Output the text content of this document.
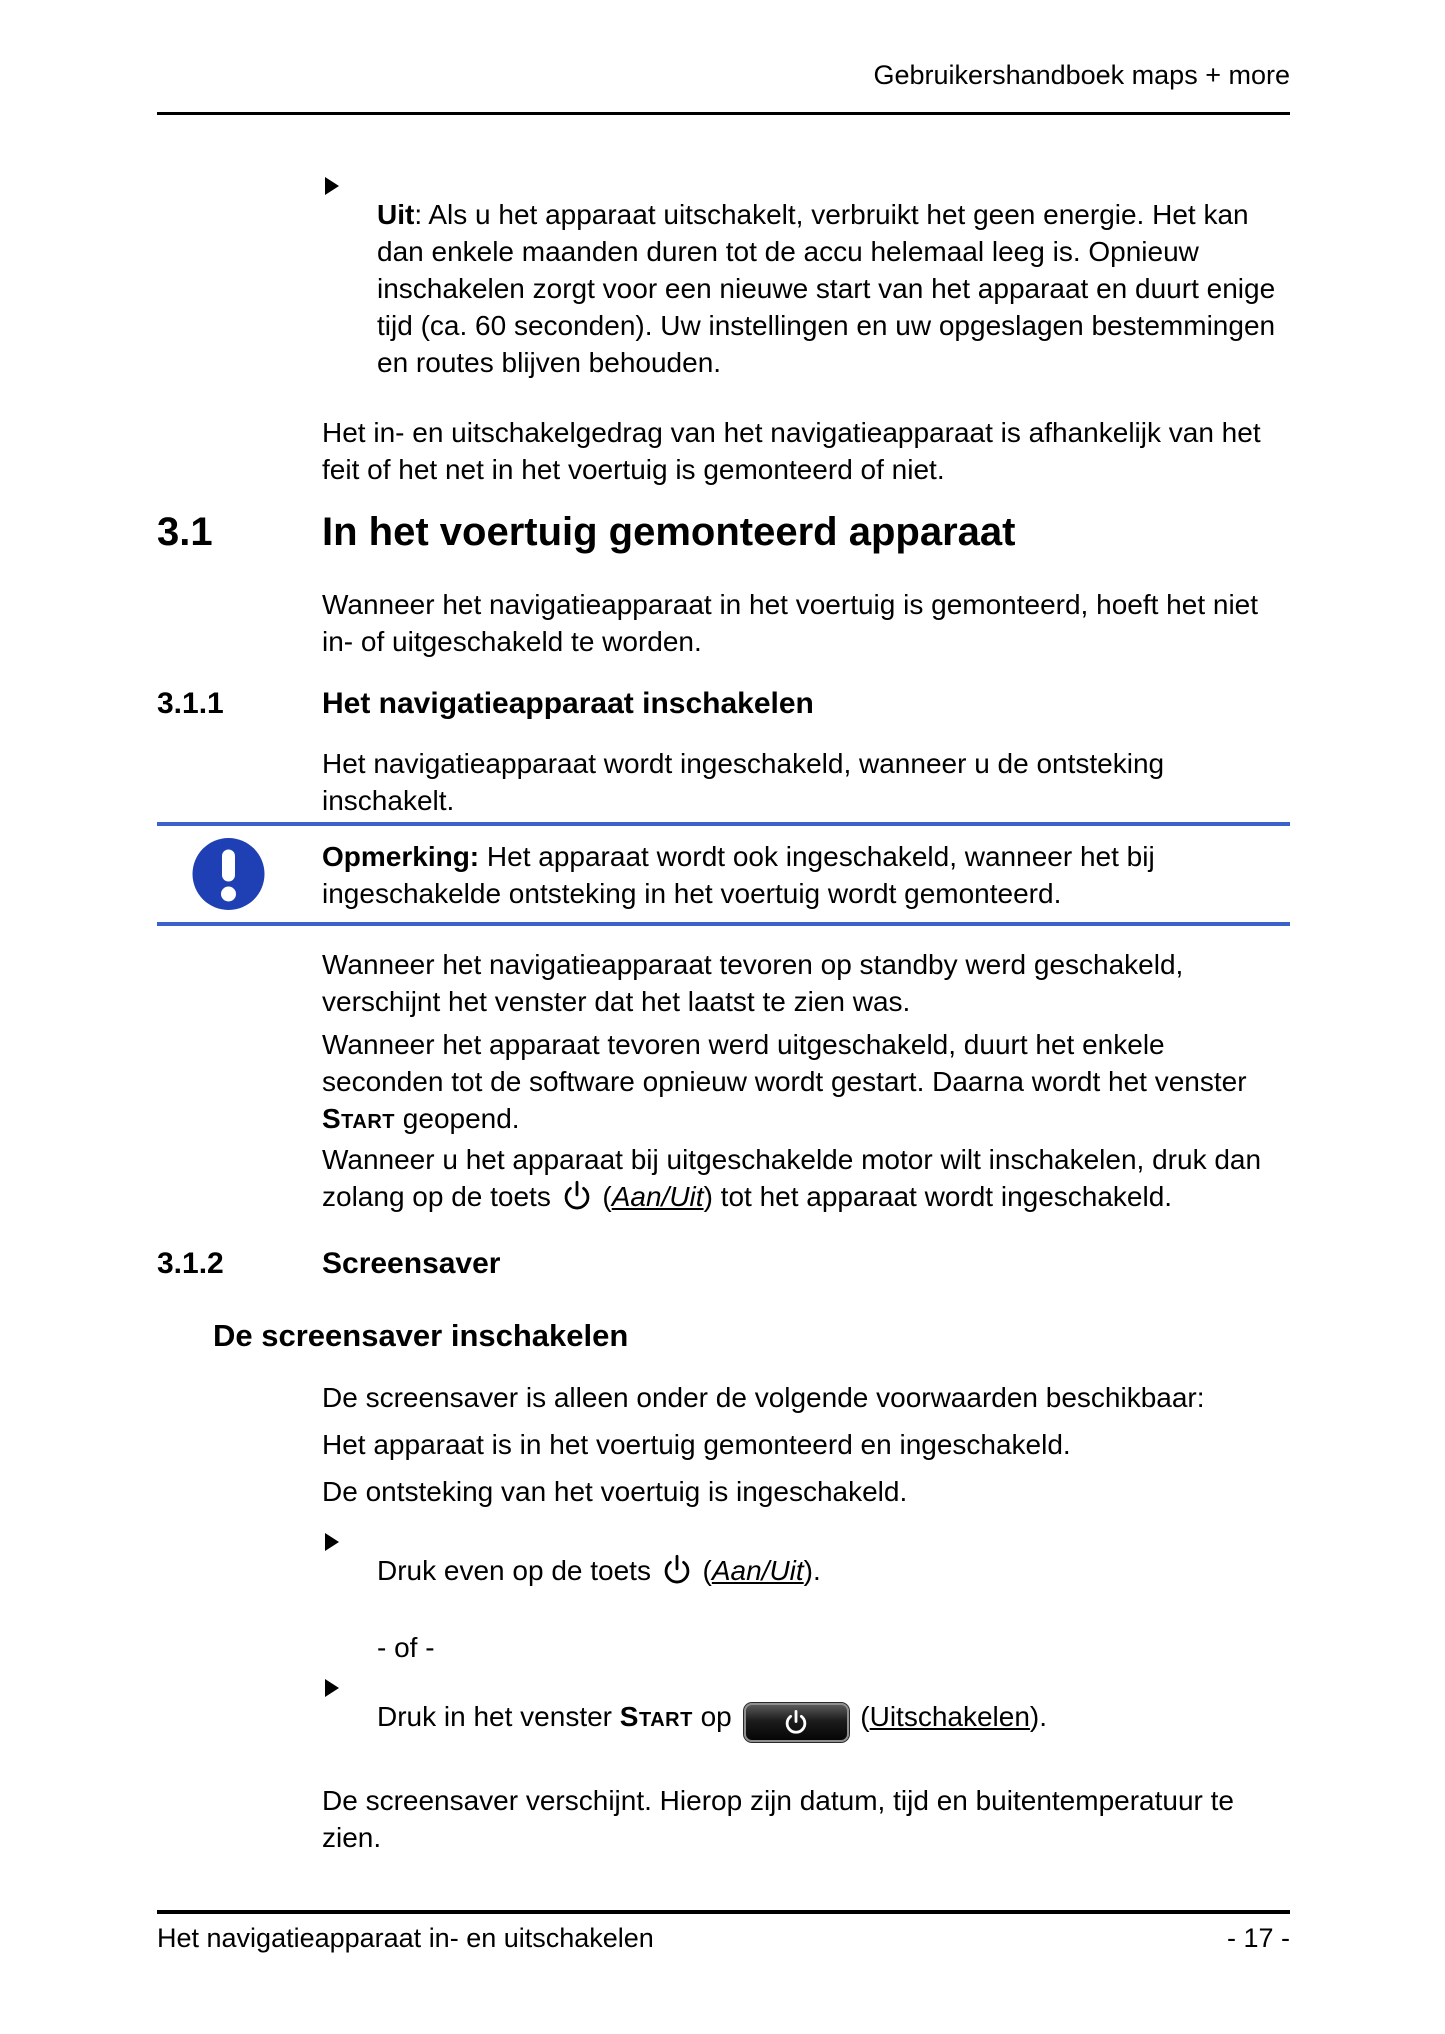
Gebruikershandboek maps + more

Uit: Als u het apparaat uitschakelt, verbruikt het geen energie. Het kan dan enkele maanden duren tot de accu helemaal leeg is. Opnieuw inschakelen zorgt voor een nieuwe start van het apparaat en duurt enige tijd (ca. 60 seconden). Uw instellingen en uw opgeslagen bestemmingen en routes blijven behouden.

Het in- en uitschakelgedrag van het navigatieapparaat is afhankelijk van het feit of het net in het voertuig is gemonteerd of niet.

3.1	In het voertuig gemonteerd apparaat

Wanneer het navigatieapparaat in het voertuig is gemonteerd, hoeft het niet in- of uitgeschakeld te worden.

3.1.1	Het navigatieapparaat inschakelen

Het navigatieapparaat wordt ingeschakeld, wanneer u de ontsteking inschakelt.

Opmerking: Het apparaat wordt ook ingeschakeld, wanneer het bij ingeschakelde ontsteking in het voertuig wordt gemonteerd.

Wanneer het navigatieapparaat tevoren op standby werd geschakeld, verschijnt het venster dat het laatst te zien was.

Wanneer het apparaat tevoren werd uitgeschakeld, duurt het enkele seconden tot de software opnieuw wordt gestart. Daarna wordt het venster Start geopend.

Wanneer u het apparaat bij uitgeschakelde motor wilt inschakelen, druk dan zolang op de toets  (Aan/Uit) tot het apparaat wordt ingeschakeld.

3.1.2	Screensaver
De screensaver inschakelen

De screensaver is alleen onder de volgende voorwaarden beschikbaar:

Het apparaat is in het voertuig gemonteerd en ingeschakeld.

De ontsteking van het voertuig is ingeschakeld.

Druk even op de toets  (Aan/Uit).

- of -

Druk in het venster Start op	(Uitschakelen).

De screensaver verschijnt. Hierop zijn datum, tijd en buitentemperatuur te zien.

Het navigatieapparaat in- en uitschakelen	- 17 -
